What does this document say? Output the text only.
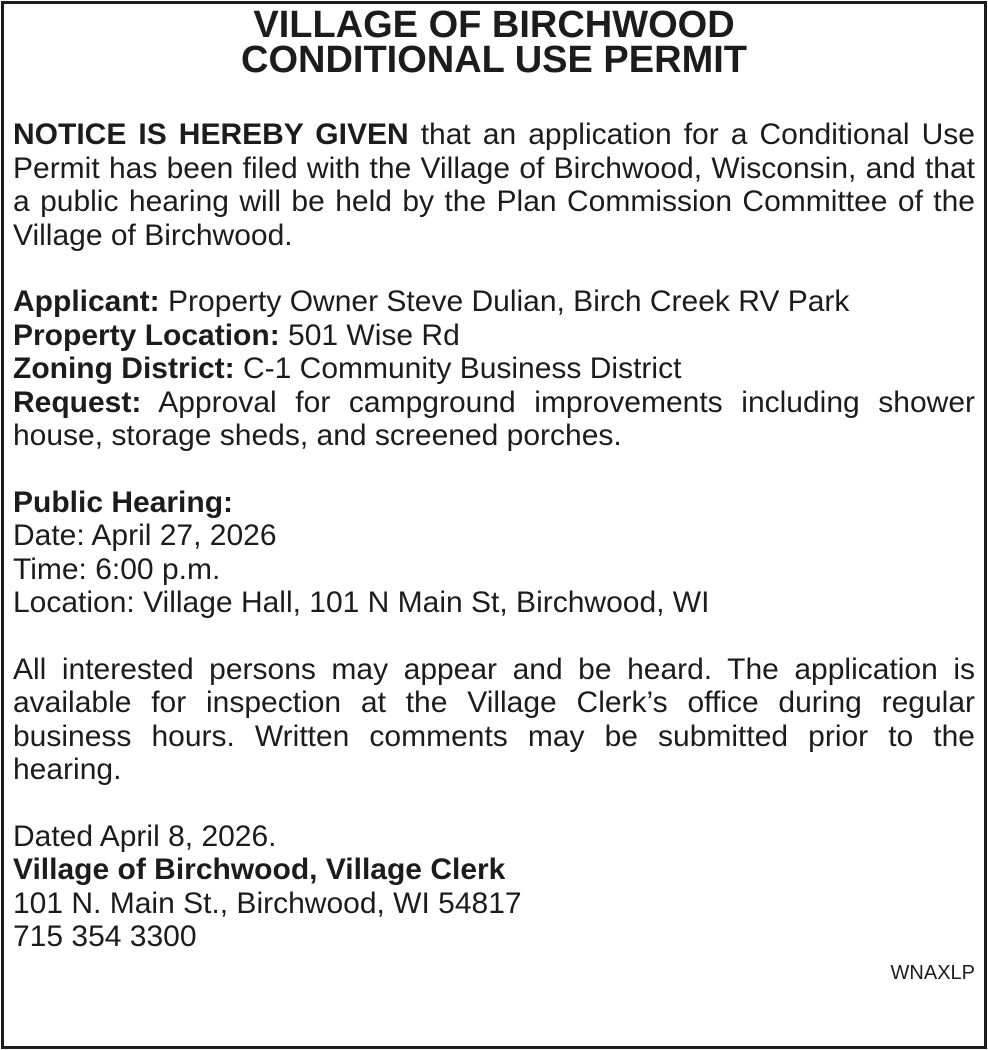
VILLAGE OF BIRCHWOOD
CONDITIONAL USE PERMIT

NOTICE IS HEREBY GIVEN that an application for a Conditional Use Permit has been filed with the Village of Birchwood, Wisconsin, and that a public hearing will be held by the Plan Commission Committee of the Village of Birchwood.

Applicant: Property Owner Steve Dulian, Birch Creek RV Park
Property Location: 501 Wise Rd
Zoning District: C-1 Community Business District

Request: Approval for campground improvements including shower house, storage sheds, and screened porches.

Public Hearing:
Date: April 27, 2026
Time: 6:00 p.m.
Location: Village Hall, 101 N Main St, Birchwood, WI

All interested persons may appear and be heard. The application is available for inspection at the Village Clerk’s office during regular business hours. Written comments may be submitted prior to the hearing.

Dated April 8, 2026.
Village of Birchwood, Village Clerk
101 N. Main St., Birchwood, WI 54817
715 354 3300
WNAXLP
